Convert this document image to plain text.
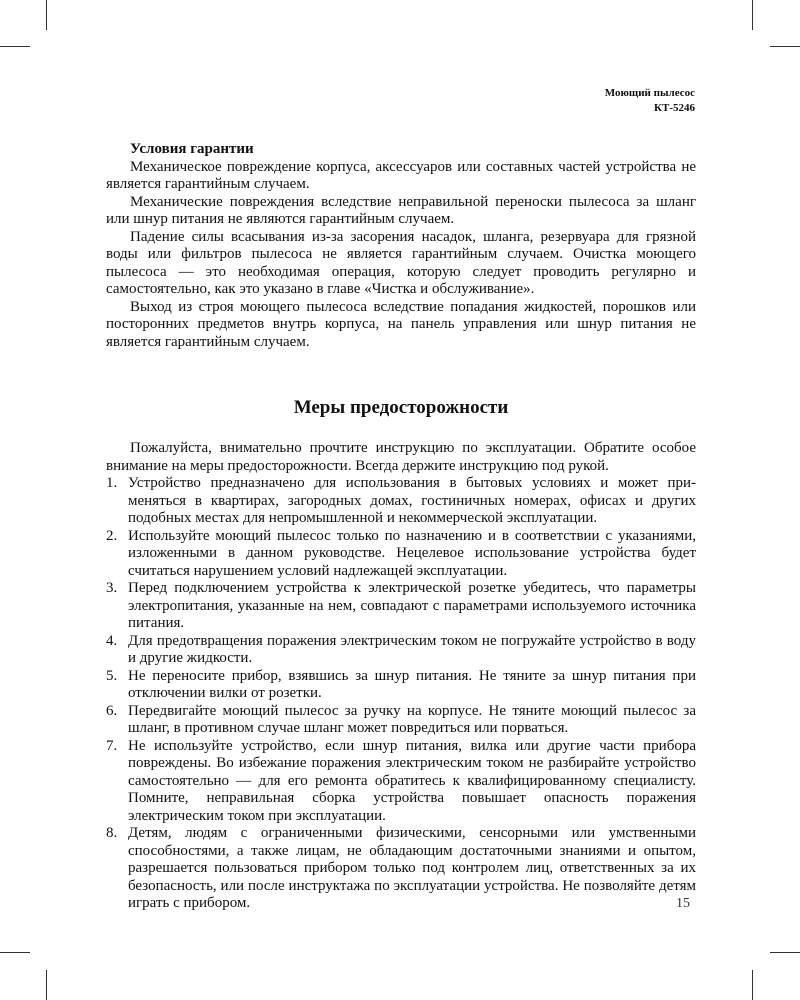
Моющий пылесос
КТ-5246
Условия гарантии

Механическое повреждение корпуса, аксессуаров или составных частей устройства не является гарантийным случаем.

Механические повреждения вследствие неправильной переноски пылесоса за шланг или шнур питания не являются гарантийным случаем.

Падение силы всасывания из-за засорения насадок, шланга, резервуара для грязной воды или фильтров пылесоса не является гарантийным случаем. Очистка моющего пылесоса — это необходимая операция, которую следует проводить регулярно и самостоятельно, как это указано в главе «Чистка и обслуживание».

Выход из строя моющего пылесоса вследствие попадания жидкостей, порошков или посторонних предметов внутрь корпуса, на панель управления или шнур питания не является гарантийным случаем.

Меры предосторожности

Пожалуйста, внимательно прочтите инструкцию по эксплуатации. Обратите особое внимание на меры предосторожности. Всегда держите инструкцию под рукой.

1. Устройство предназначено для использования в бытовых условиях и может применяться в квартирах, загородных домах, гостиничных номерах, офисах и других подобных местах для непромышленной и некоммерческой эксплуатации.
2. Используйте моющий пылесос только по назначению и в соответствии с указаниями, изложенными в данном руководстве. Нецелевое использование устройства будет считаться нарушением условий надлежащей эксплуатации.
3. Перед подключением устройства к электрической розетке убедитесь, что параметры электропитания, указанные на нем, совпадают с параметрами используемого источника питания.
4. Для предотвращения поражения электрическим током не погружайте устройство в воду и другие жидкости.
5. Не переносите прибор, взявшись за шнур питания. Не тяните за шнур питания при отключении вилки от розетки.
6. Передвигайте моющий пылесос за ручку на корпусе. Не тяните моющий пылесос за шланг, в противном случае шланг может повредиться или порваться.
7. Не используйте устройство, если шнур питания, вилка или другие части прибора повреждены. Во избежание поражения электрическим током не разбирайте устройство самостоятельно — для его ремонта обратитесь к квалифицированному специалисту. Помните, неправильная сборка устройства повышает опасность поражения электрическим током при эксплуатации.
8. Детям, людям с ограниченными физическими, сенсорными или умственными способностями, а также лицам, не обладающим достаточными знаниями и опытом, разрешается пользоваться прибором только под контролем лиц, ответственных за их безопасность, или после инструктажа по эксплуатации устройства. Не позволяйте детям играть с прибором.	15
